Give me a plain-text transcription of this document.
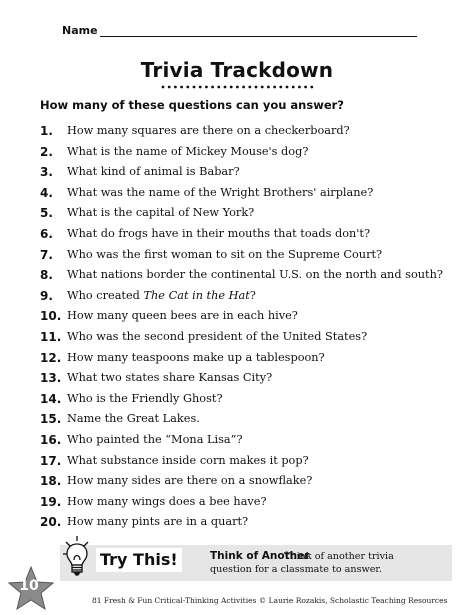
Name
Trivia Trackdown
How many of these questions can you answer?
1. How many squares are there on a checkerboard?
2. What is the name of Mickey Mouse's dog?
3. What kind of animal is Babar?
4. What was the name of the Wright Brothers' airplane?
5. What is the capital of New York?
6. What do frogs have in their mouths that toads don't?
7. Who was the first woman to sit on the Supreme Court?
8. What nations border the continental U.S. on the north and south?
9. Who created The Cat in the Hat?
10. How many queen bees are in each hive?
11. Who was the second president of the United States?
12. How many teaspoons make up a tablespoon?
13. What two states share Kansas City?
14. Who is the Friendly Ghost?
15. Name the Great Lakes.
16. Who painted the “Mona Lisa”?
17. What substance inside corn makes it pop?
18. How many sides are there on a snowflake?
19. How many wings does a bee have?
20. How many pints are in a quart?
Try This!	Think of Another
Think of another trivia
question for a classmate to answer.
10
81 Fresh & Fun Critical-Thinking Activities © Laurie Rozakis, Scholastic Teaching Resources
